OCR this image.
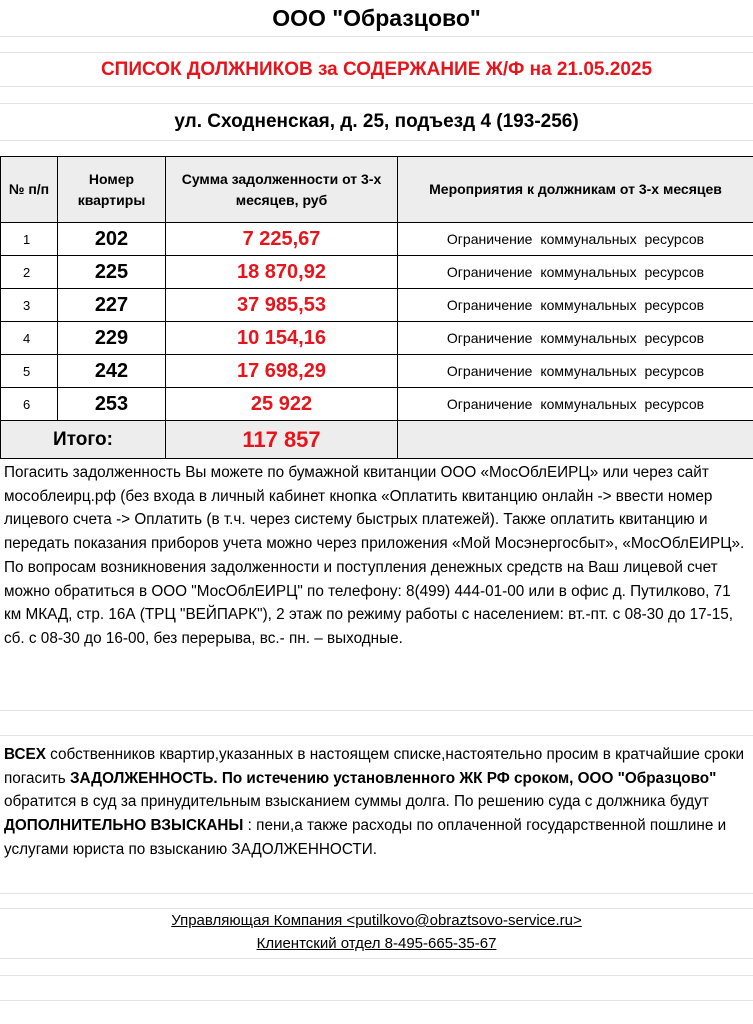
ООО "Образцово"
СПИСОК ДОЛЖНИКОВ за СОДЕРЖАНИЕ Ж/Ф на 21.05.2025
ул. Сходненская, д. 25, подъезд 4 (193-256)
№ п/п	Номер квартиры	Сумма задолженности от 3-х месяцев, руб	Мероприятия к должникам от 3-х месяцев
1	202	7 225,67	Ограничение коммунальных ресурсов
2	225	18 870,92	Ограничение коммунальных ресурсов
3	227	37 985,53	Ограничение коммунальных ресурсов
4	229	10 154,16	Ограничение коммунальных ресурсов
5	242	17 698,29	Ограничение коммунальных ресурсов
6	253	25 922	Ограничение коммунальных ресурсов
Итого:		117 857	
Погасить задолженность Вы можете по бумажной квитанции ООО «МосОблЕИРЦ» или через сайт мособлеирц.рф (без входа в личный кабинет кнопка «Оплатить квитанцию онлайн -> ввести номер лицевого счета -> Оплатить (в т.ч. через систему быстрых платежей). Также оплатить квитанцию и передать показания приборов учета можно через приложения «Мой Мосэнергосбыт», «МосОблЕИРЦ».
По вопросам возникновения задолженности и поступления денежных средств на Ваш лицевой счет можно обратиться в ООО "МосОблЕИРЦ" по телефону: 8(499) 444-01-00 или в офис д. Путилково, 71 км МКАД, стр. 16А (ТРЦ "ВЕЙПАРК"), 2 этаж по режиму работы с населением: вт.-пт. с 08-30 до 17-15, сб. с 08-30 до 16-00, без перерыва, вс.- пн. – выходные.
ВСЕХ собственников квартир,указанных в настоящем списке,настоятельно просим в кратчайшие сроки погасить ЗАДОЛЖЕННОСТЬ. По истечению установленного ЖК РФ сроком, ООО "Образцово" обратится в суд за принудительным взысканием суммы долга. По решению суда с должника будут ДОПОЛНИТЕЛЬНО ВЗЫСКАНЫ : пени,а также расходы по оплаченной государственной пошлине и услугами юриста по взысканию ЗАДОЛЖЕННОСТИ.
Управляющая Компания <putilkovo@obraztsovo-service.ru>
Клиентский отдел 8-495-665-35-67
